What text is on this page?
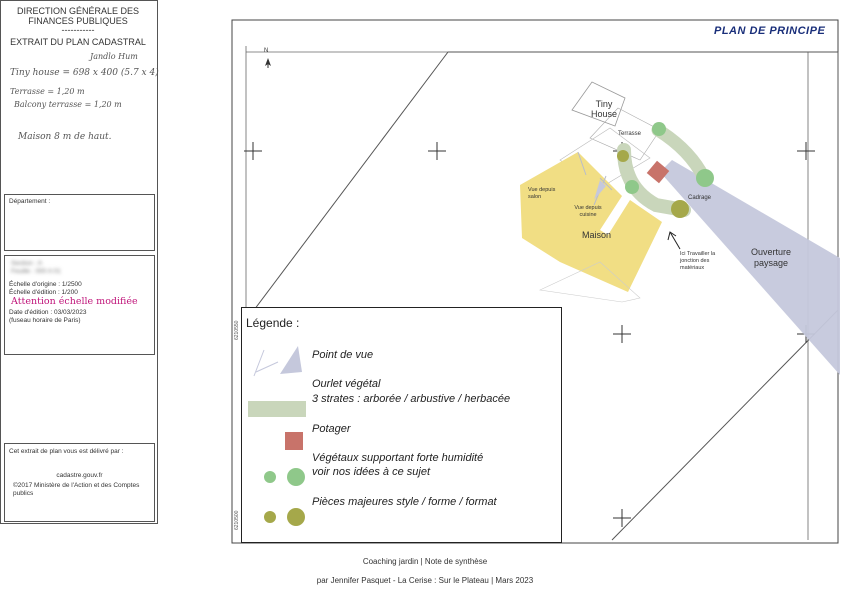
DIRECTION GÉNÉRALE DES
FINANCES PUBLIQUES
-----------
EXTRAIT DU PLAN CADASTRAL
Jandlo Hum
Tiny house = 698 x 400 (5.7 x 4)
Terrasse = 1,20 m
Balcony terrasse = 1,20 m
Maison 8 m de haut.
Département :
Section : A
Feuille : 000 A 01
Échelle d'origine : 1/2500
Échelle d'édition : 1/200
Attention échelle modifiée
Date d'édition : 03/03/2023
(fuseau horaire de Paris)
Cet extrait de plan vous est délivré par :
cadastre.gouv.fr
©2017 Ministère de l'Action et des Comptes publics
6210550
6210500
PLAN DE PRINCIPE
N
Tiny House
Terrasse
Cadrage
Maison
Vue depuis salon
Vue depuis cuisine
Ici Travailler la jonction des matériaux
Ouverture paysage
Légende :
Point de vue
Ourlet végétal
3 strates : arborée / arbustive / herbacée
Potager
Végétaux supportant forte humidité
voir nos idées à ce sujet
Pièces majeures style / forme / format
Coaching jardin | Note de synthèse
par Jennifer Pasquet - La Cerise : Sur le Plateau | Mars 2023
